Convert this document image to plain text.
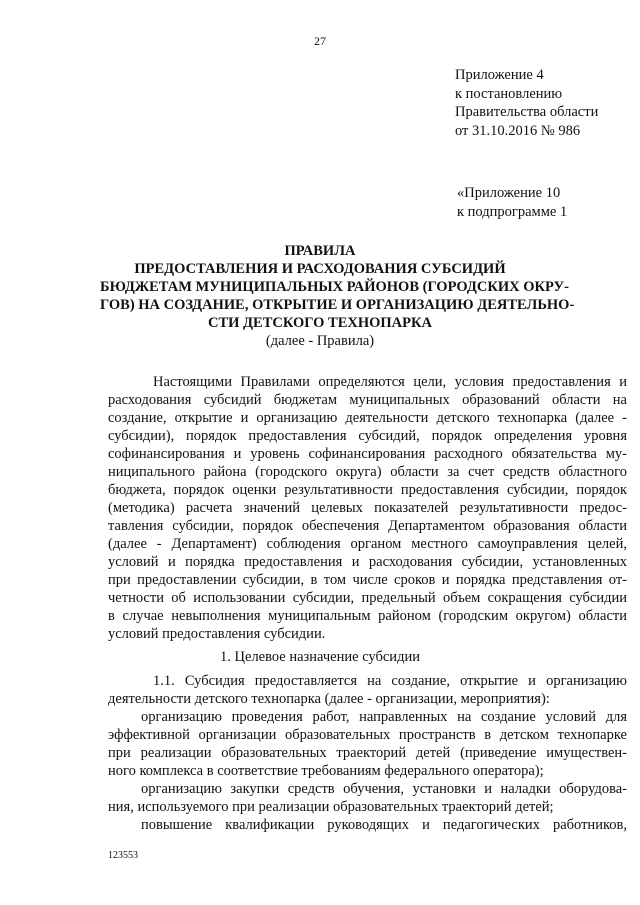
27
Приложение 4
к постановлению
Правительства области
от 31.10.2016 № 986
«Приложение 10
к подпрограмме 1
ПРАВИЛА
ПРЕДОСТАВЛЕНИЯ И РАСХОДОВАНИЯ СУБСИДИЙ
БЮДЖЕТАМ МУНИЦИПАЛЬНЫХ РАЙОНОВ (ГОРОДСКИХ ОКРУ-
ГОВ) НА СОЗДАНИЕ, ОТКРЫТИЕ И ОРГАНИЗАЦИЮ ДЕЯТЕЛЬНО-
СТИ ДЕТСКОГО ТЕХНОПАРКА
(далее - Правила)
Настоящими Правилами определяются цели, условия предоставления и
расходования субсидий бюджетам муниципальных образований области на
создание, открытие и организацию деятельности детского технопарка (далее -
субсидии), порядок предоставления субсидий, порядок определения уровня
софинансирования и уровень софинансирования расходного обязательства му-
ниципального района (городского округа) области за счет средств областного
бюджета, порядок оценки результативности предоставления субсидии, порядок
(методика) расчета значений целевых показателей результативности предос-
тавления субсидии, порядок обеспечения Департаментом образования области
(далее - Департамент) соблюдения органом местного самоуправления целей,
условий и порядка предоставления и расходования субсидии, установленных
при предоставлении субсидии, в том числе сроков и порядка представления от-
четности об использовании субсидии, предельный объем сокращения субсидии
в случае невыполнения муниципальным районом (городским округом) области
условий предоставления субсидии.
1. Целевое назначение субсидии
1.1. Субсидия предоставляется на создание, открытие и организацию
деятельности детского технопарка (далее - организации, мероприятия):
организацию проведения работ, направленных на создание условий для
эффективной организации образовательных пространств в детском технопарке
при реализации образовательных траекторий детей (приведение имуществен-
ного комплекса в соответствие требованиям федерального оператора);
организацию закупки средств обучения, установки и наладки оборудова-
ния, используемого при реализации образовательных траекторий детей;
повышение квалификации руководящих и педагогических работников,
123553
